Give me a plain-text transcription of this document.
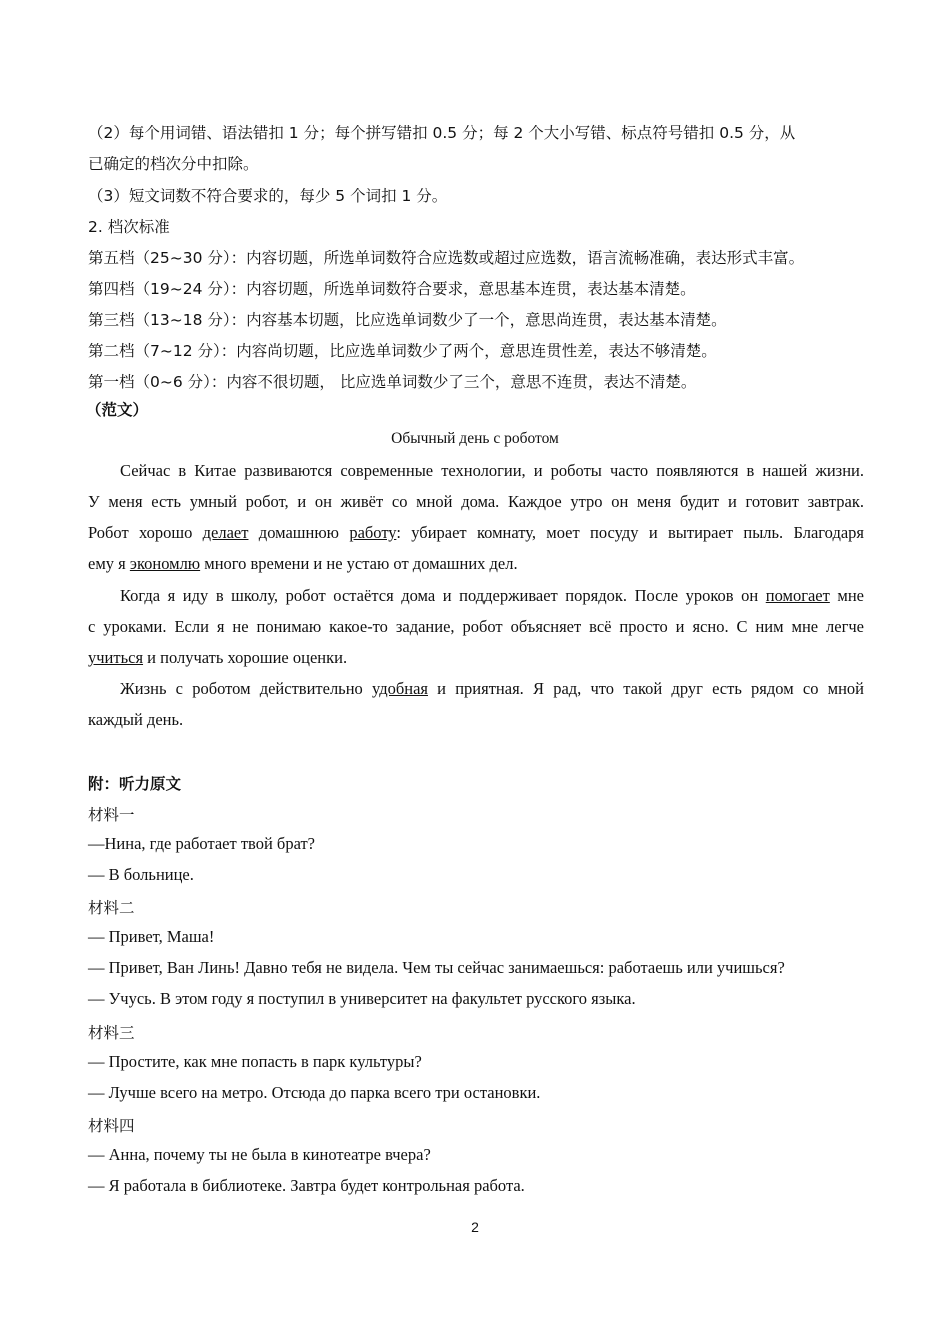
（2）每个用词错、语法错扣 1 分；每个拼写错扣 0.5 分；每 2 个大小写错、标点符号错扣 0.5 分，从
已确定的档次分中扣除。
（3）短文词数不符合要求的，每少 5 个词扣 1 分。
2. 档次标准
第五档（25~30 分）：内容切题，所选单词数符合应选数或超过应选数，语言流畅准确，表达形式丰富。
第四档（19~24 分）：内容切题，所选单词数符合要求，意思基本连贯，表达基本清楚。
第三档（13~18 分）：内容基本切题，比应选单词数少了一个，意思尚连贯，表达基本清楚。
第二档（7~12 分）：内容尚切题，比应选单词数少了两个，意思连贯性差，表达不够清楚。
第一档（0~6 分）：内容不很切题， 比应选单词数少了三个，意思不连贯，表达不清楚。
（范文）
Обычный день с роботом
Сейчас в Китае развиваются современные технологии, и роботы часто появляются в нашей жизни.
У меня есть умный робот, и он живёт со мной дома. Каждое утро он меня будит и готовит завтрак.
Робот хорошо делает домашнюю работу: убирает комнату, моет посуду и вытирает пыль. Благодаря
ему я экономлю много времени и не устаю от домашних дел.
Когда я иду в школу, робот остаётся дома и поддерживает порядок. После уроков он помогает мне
с уроками. Если я не понимаю какое-то задание, робот объясняет всё просто и ясно. С ним мне легче
учиться и получать хорошие оценки.
Жизнь с роботом действительно удобная и приятная. Я рад, что такой друг есть рядом со мной
каждый день.
附：听力原文
材料一
—Нина, где работает твой брат?
— В больнице.
材料二
— Привет, Маша!
— Привет, Ван Линь! Давно тебя не видела. Чем ты сейчас занимаешься: работаешь или учишься?
— Учусь. В этом году я поступил в университет на факультет русского языка.
材料三
— Простите, как мне попасть в парк культуры?
— Лучше всего на метро. Отсюда до парка всего три остановки.
材料四
— Анна, почему ты не была в кинотеатре вчера?
— Я работала в библиотеке. Завтра будет контрольная работа.
2
